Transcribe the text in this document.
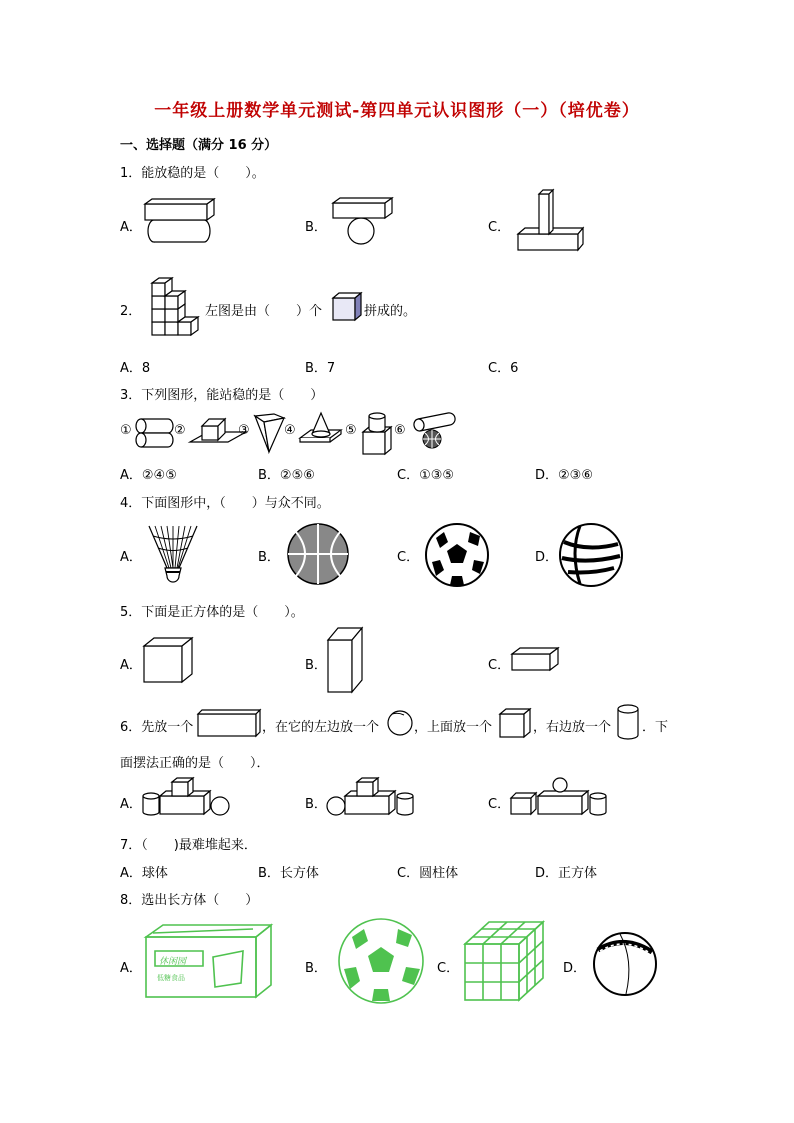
一年级上册数学单元测试-第四单元认识图形（一）（培优卷）
一、选择题（满分 16 分）
1．能放稳的是（　　）。
A．	B．	C．
2．	左图是由（　　）个	拼成的。
A．8	B．7	C．6
3．下列图形，能站稳的是（　　）
①	②	③	④	⑤	⑥
A．②④⑤	B．②⑤⑥	C．①③⑤	D．②③⑥
4．下面图形中，（　　）与众不同。
A．	B．	C．	D．
5．下面是正方体的是（　　）。
A．	B．	C．
6．先放一个	，在它的左边放一个	，上面放一个	，右边放一个 ．下
面摆法正确的是（　　）．
A．	B．	C．
7．（　　)最难堆起来．
A．球体	B．长方体	C．圆柱体	D．正方体
8．选出长方体（　　）
A．	B．	C．	D．
休闲园
低糖食品
